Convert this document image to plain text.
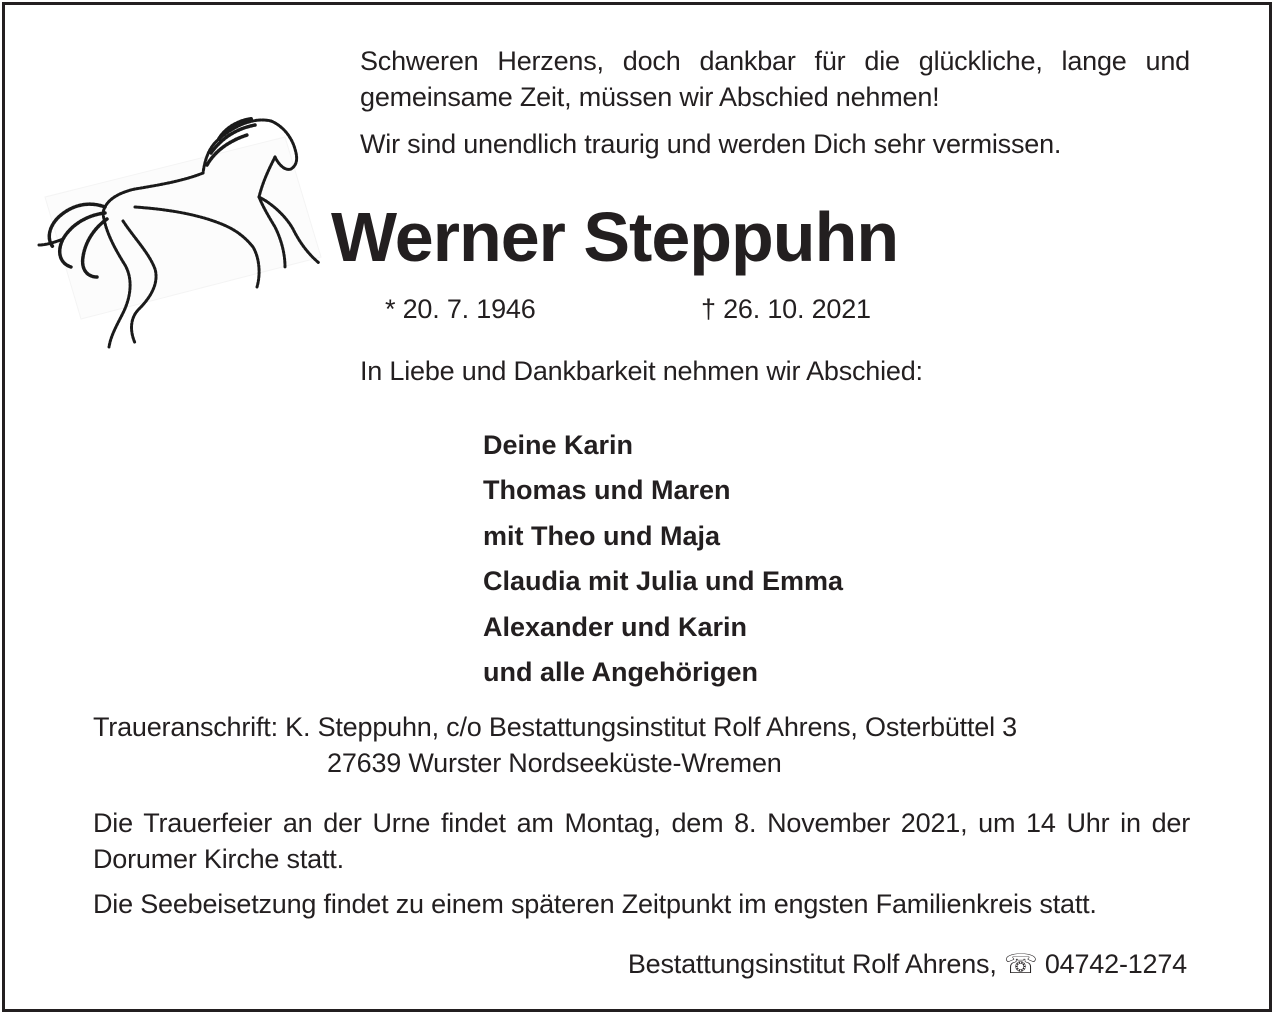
Schweren Herzens, doch dankbar für die glückliche, lange und gemeinsame Zeit, müssen wir Abschied nehmen!
Wir sind unendlich traurig und werden Dich sehr vermissen.
Werner Steppuhn
* 20. 7. 1946	† 26. 10. 2021
In Liebe und Dankbarkeit nehmen wir Abschied:
Deine Karin
Thomas und Maren
mit Theo und Maja
Claudia mit Julia und Emma
Alexander und Karin
und alle Angehörigen
Traueranschrift: K. Steppuhn, c/o Bestattungsinstitut Rolf Ahrens, Osterbüttel 3
27639 Wurster Nordseeküste-Wremen
Die Trauerfeier an der Urne findet am Montag, dem 8. November 2021, um 14 Uhr in der Dorumer Kirche statt.
Die Seebeisetzung findet zu einem späteren Zeitpunkt im engsten Familienkreis statt.
Bestattungsinstitut Rolf Ahrens, ☏ 04742-1274
